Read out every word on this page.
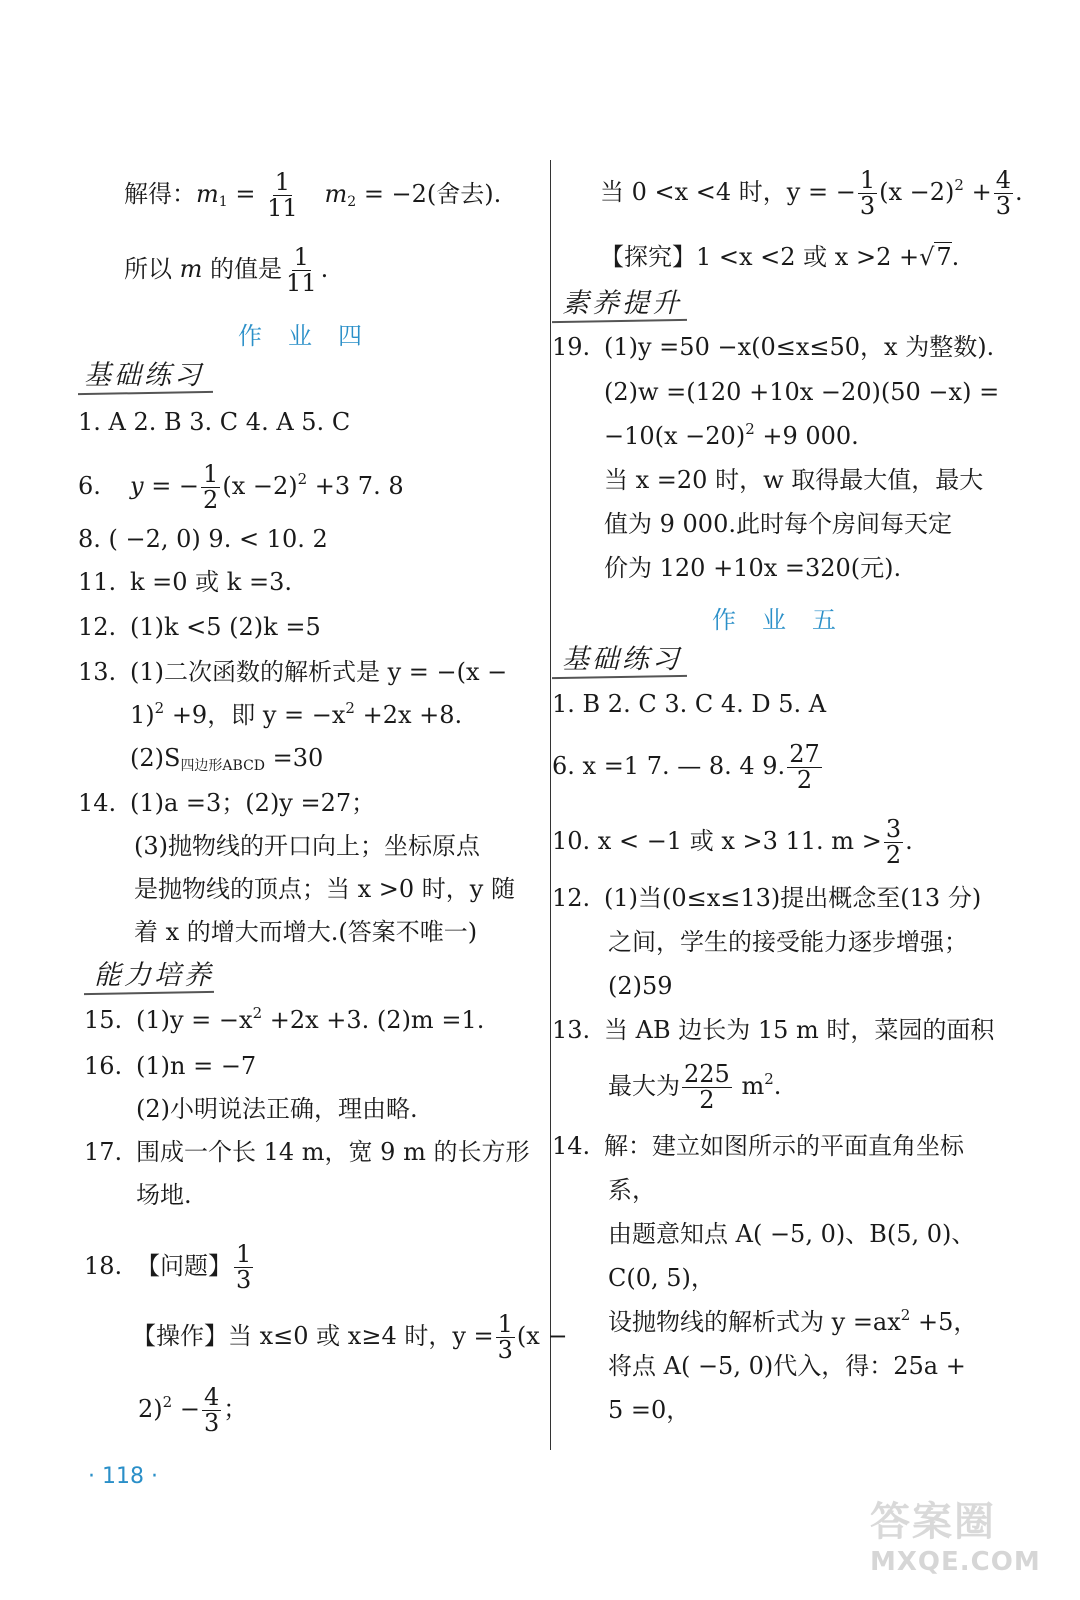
解得：$m_1 = \frac{1}{11} m_2 = -2$(舍去).
所以 m 的值是 $\frac{1}{11}$ .
作业四
基础练习
1. A 2. B 3. C 4. A 5. C
6. y = − $\frac{1}{2} (x -2)^2 +3$ 7. 8
8. ( −2, 0) 9. < 10. 2
11. k =0 或 k =3.
12. (1)k <5 (2)k =5
13. (1)二次函数的解析式是 y = −(x −
1)$^2$ +9，即 $y = -x^2 +2x +8$.
$(2)S_{四边形ABCD} =30$
14. (1)a =3；(2)y =27；
(3)抛物线的开口向上；坐标原点
是抛物线的顶点；当 x >0 时，y 随
着 x 的增大而增大.(答案不唯一)
能力培养
15. $(1)y = -x^2 +2x +3$. (2)m =1.
16. (1)n = −7
(2)小明说法正确，理由略.
17. 围成一个长 14 m，宽 9 m 的长方形
场地.
18. 【问题】 $\frac{1}{3}$
【操作】当 x≤0 或 x≥4 时，$y = \frac{1}{3} (x$ −
$2)^2 - \frac{4}{3}$ ；
当 0 <x <4 时，y = − $\frac{1}{3} (x -2)^2 + \frac{4}{3}$ .
【探究】1 <x <2 或 x >2 +√7.
素养提升
19. (1)y =50 −x(0≤x≤50，x 为整数).
(2)w =(120 +10x −20)(50 −x) =
$-10(x -20)^2 +9$ 000.
当 x =20 时，w 取得最大值，最大
值为 9 000.此时每个房间每天定
价为 120 +10x =320(元).
作业五
基础练习
1. B 2. C 3. C 4. D 5. A
6. x =1 7. — 8. 4 9. $\frac{27}{2}$
10. x < −1 或 x >3 11. $m > \frac{3}{2}$ .
12. (1)当(0≤x≤13)提出概念至(13 分)
之间，学生的接受能力逐步增强；
(2)59
13. 当 AB 边长为 15 m 时，菜园的面积
最大为 $\frac{225}{2} m^2$.
14. 解：建立如图所示的平面直角坐标
系，
由题意知点 A( −5, 0)、B(5, 0)、
C(0, 5)，
设抛物线的解析式为 $y =ax^2 +5$，
将点 A( −5, 0)代入，得：25a +
5 =0，
· 118 ·
答案圈
MXQE.COM
